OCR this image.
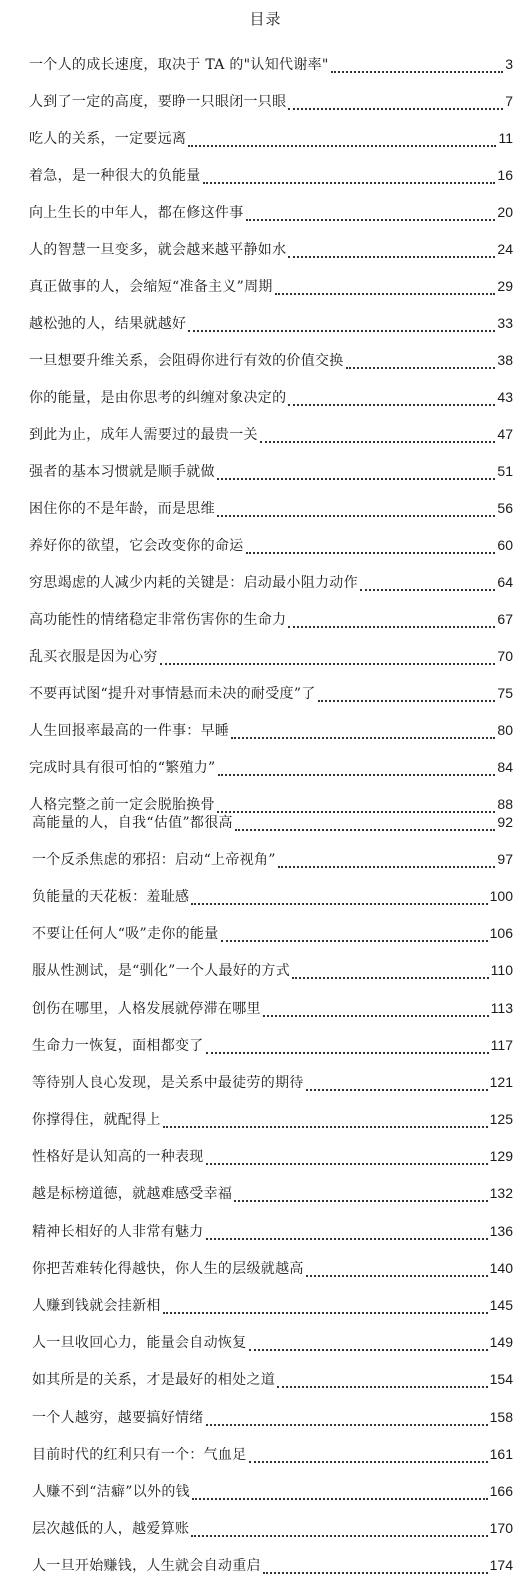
目录
一个人的成长速度，取决于 TA 的"认知代谢率"	3
人到了一定的高度，要睁一只眼闭一只眼	7
吃人的关系，一定要远离	11
着急，是一种很大的负能量	16
向上生长的中年人，都在修这件事	20
人的智慧一旦变多，就会越来越平静如水	24
真正做事的人，会缩短“准备主义”周期	29
越松弛的人，结果就越好	33
一旦想要升维关系，会阻碍你进行有效的价值交换	38
你的能量，是由你思考的纠缠对象决定的	43
到此为止，成年人需要过的最贵一关	47
强者的基本习惯就是顺手就做	51
困住你的不是年龄，而是思维	56
养好你的欲望，它会改变你的命运	60
穷思竭虑的人减少内耗的关键是：启动最小阻力动作	64
高功能性的情绪稳定非常伤害你的生命力	67
乱买衣服是因为心穷	70
不要再试图“提升对事情悬而未决的耐受度”了	75
人生回报率最高的一件事：早睡	80
完成时具有很可怕的“繁殖力”	84
人格完整之前一定会脱胎换骨	88
高能量的人，自我“估值”都很高	92
一个反杀焦虑的邪招：启动“上帝视角”	97
负能量的天花板：羞耻感	100
不要让任何人“吸”走你的能量	106
服从性测试，是“驯化”一个人最好的方式	110
创伤在哪里，人格发展就停滞在哪里	113
生命力一恢复，面相都变了	117
等待别人良心发现，是关系中最徒劳的期待	121
你撑得住，就配得上	125
性格好是认知高的一种表现	129
越是标榜道德，就越难感受幸福	132
精神长相好的人非常有魅力	136
你把苦难转化得越快，你人生的层级就越高	140
人赚到钱就会挂新相	145
人一旦收回心力，能量会自动恢复	149
如其所是的关系，才是最好的相处之道	154
一个人越穷，越要搞好情绪	158
目前时代的红利只有一个：气血足	161
人赚不到“洁癖”以外的钱	166
层次越低的人，越爱算账	170
人一旦开始赚钱，人生就会自动重启	174
